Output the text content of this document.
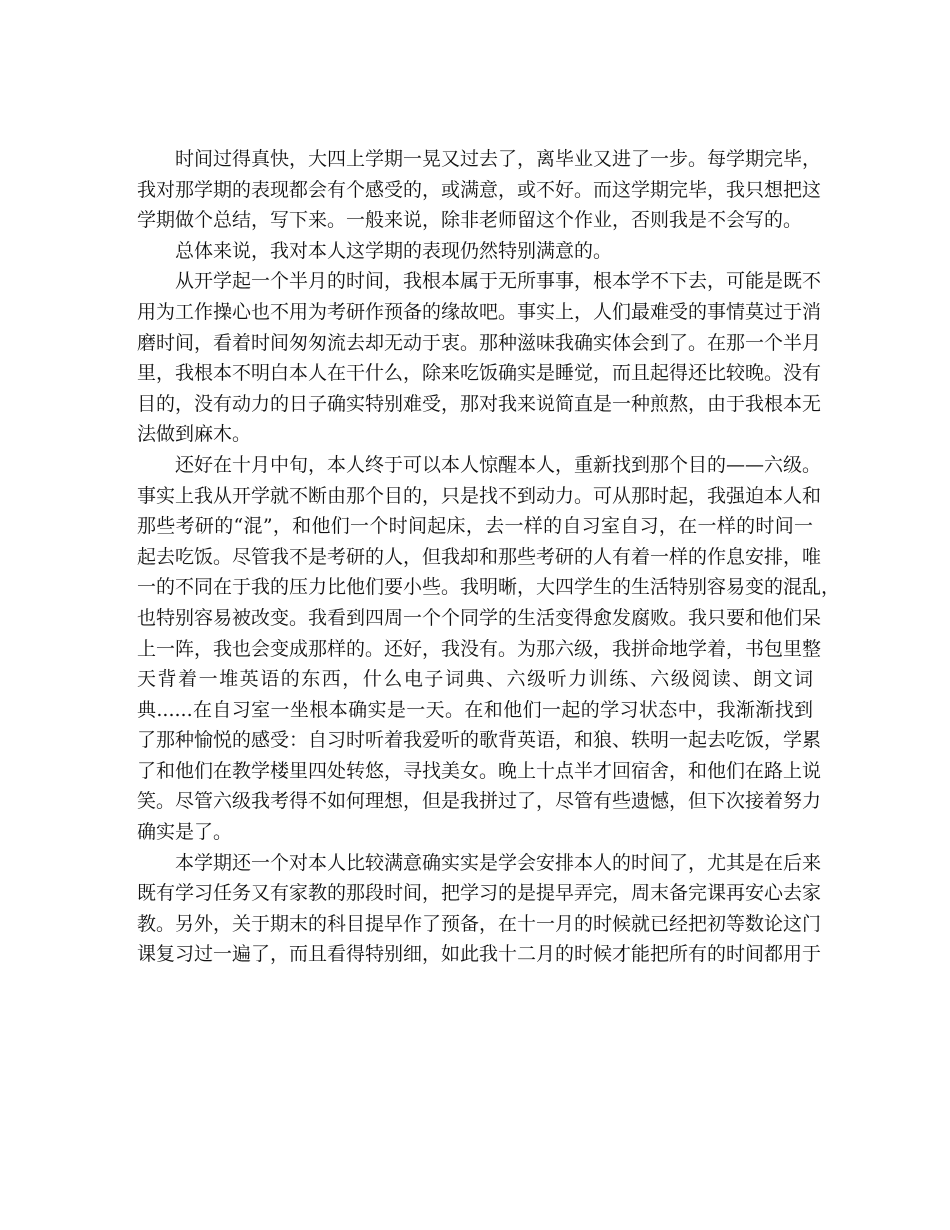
时间过得真快，大四上学期一晃又过去了，离毕业又进了一步。每学期完毕，
我对那学期的表现都会有个感受的，或满意，或不好。而这学期完毕，我只想把这
学期做个总结，写下来。一般来说，除非老师留这个作业，否则我是不会写的。
总体来说，我对本人这学期的表现仍然特别满意的。
从开学起一个半月的时间，我根本属于无所事事，根本学不下去，可能是既不
用为工作操心也不用为考研作预备的缘故吧。事实上，人们最难受的事情莫过于消
磨时间，看着时间匆匆流去却无动于衷。那种滋味我确实体会到了。在那一个半月
里，我根本不明白本人在干什么，除来吃饭确实是睡觉，而且起得还比较晚。没有
目的，没有动力的日子确实特别难受，那对我来说简直是一种煎熬，由于我根本无
法做到麻木。
还好在十月中旬，本人终于可以本人惊醒本人，重新找到那个目的——六级。
事实上我从开学就不断由那个目的，只是找不到动力。可从那时起，我强迫本人和
那些考研的“混”，和他们一个时间起床，去一样的自习室自习，在一样的时间一
起去吃饭。尽管我不是考研的人，但我却和那些考研的人有着一样的作息安排，唯
一的不同在于我的压力比他们要小些。我明晰，大四学生的生活特别容易变的混乱，
也特别容易被改变。我看到四周一个个同学的生活变得愈发腐败。我只要和他们呆
上一阵，我也会变成那样的。还好，我没有。为那六级，我拼命地学着，书包里整
天背着一堆英语的东西，什么电子词典、六级听力训练、六级阅读、朗文词
典......在自习室一坐根本确实是一天。在和他们一起的学习状态中，我渐渐找到
了那种愉悦的感受：自习时听着我爱听的歌背英语，和狼、轶明一起去吃饭，学累
了和他们在教学楼里四处转悠，寻找美女。晚上十点半才回宿舍，和他们在路上说
笑。尽管六级我考得不如何理想，但是我拼过了，尽管有些遗憾，但下次接着努力
确实是了。
本学期还一个对本人比较满意确实实是学会安排本人的时间了，尤其是在后来
既有学习任务又有家教的那段时间，把学习的是提早弄完，周末备完课再安心去家
教。另外，关于期末的科目提早作了预备，在十一月的时候就已经把初等数论这门
课复习过一遍了，而且看得特别细，如此我十二月的时候才能把所有的时间都用于
